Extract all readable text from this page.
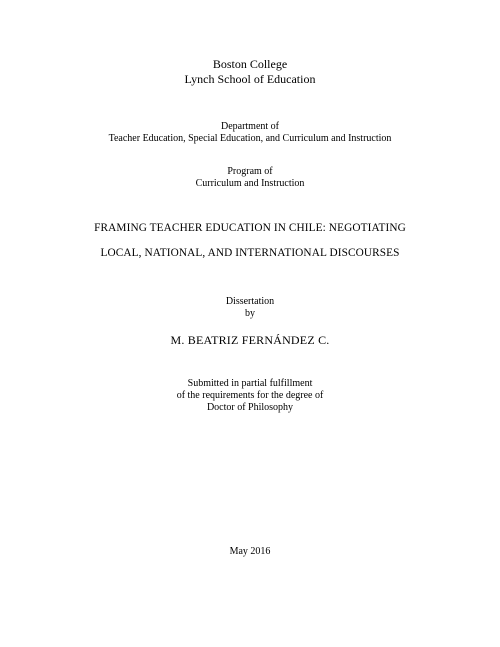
Boston College
Lynch School of Education
Department of
Teacher Education, Special Education, and Curriculum and Instruction
Program of
Curriculum and Instruction
FRAMING TEACHER EDUCATION IN CHILE: NEGOTIATING
LOCAL, NATIONAL, AND INTERNATIONAL DISCOURSES
Dissertation
by
M. BEATRIZ FERNÁNDEZ C.
Submitted in partial fulfillment
of the requirements for the degree of
Doctor of Philosophy
May 2016
